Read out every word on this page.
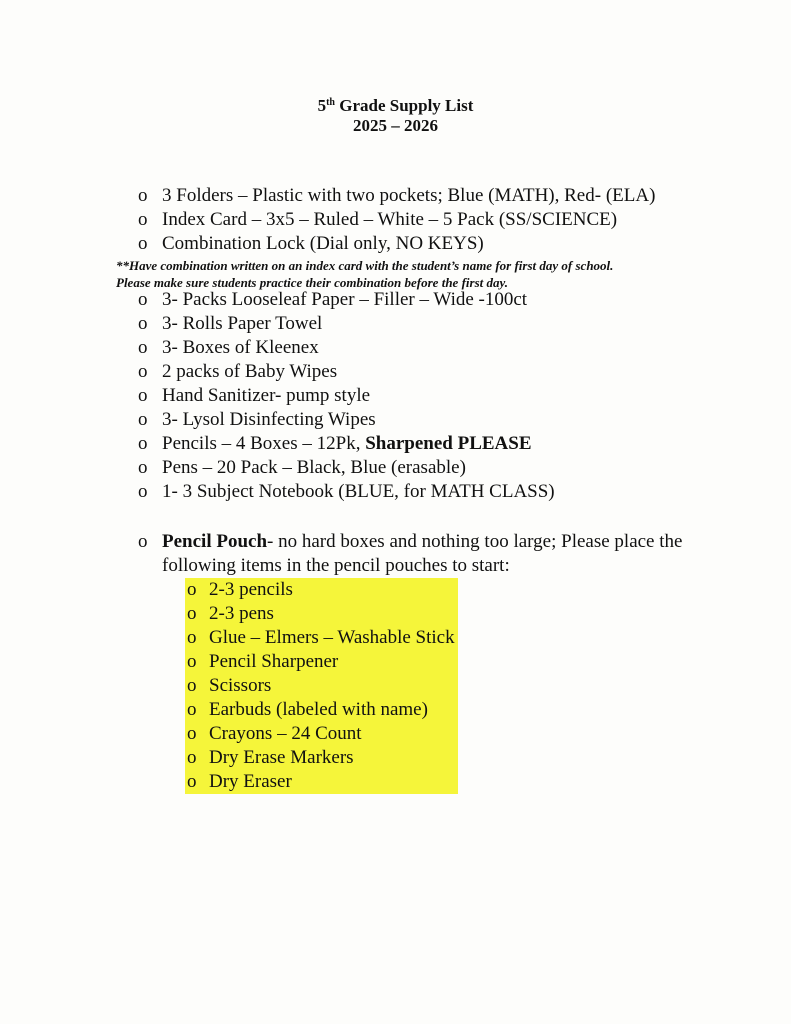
5th Grade Supply List
2025 – 2026
o 3 Folders – Plastic with two pockets; Blue (MATH), Red- (ELA)
o Index Card – 3x5 – Ruled – White – 5 Pack (SS/SCIENCE)
o Combination Lock (Dial only, NO KEYS)
**Have combination written on an index card with the student’s name for first day of school.
Please make sure students practice their combination before the first day.
o 3- Packs Looseleaf Paper – Filler – Wide -100ct
o 3- Rolls Paper Towel
o 3- Boxes of Kleenex
o 2 packs of Baby Wipes
o Hand Sanitizer- pump style
o 3- Lysol Disinfecting Wipes
o Pencils – 4 Boxes – 12Pk, Sharpened PLEASE
o Pens – 20 Pack – Black, Blue (erasable)
o 1- 3 Subject Notebook (BLUE, for MATH CLASS)
o Pencil Pouch- no hard boxes and nothing too large; Please place the following items in the pencil pouches to start:
o 2-3 pencils
o 2-3 pens
o Glue – Elmers – Washable Stick
o Pencil Sharpener
o Scissors
o Earbuds (labeled with name)
o Crayons – 24 Count
o Dry Erase Markers
o Dry Eraser
